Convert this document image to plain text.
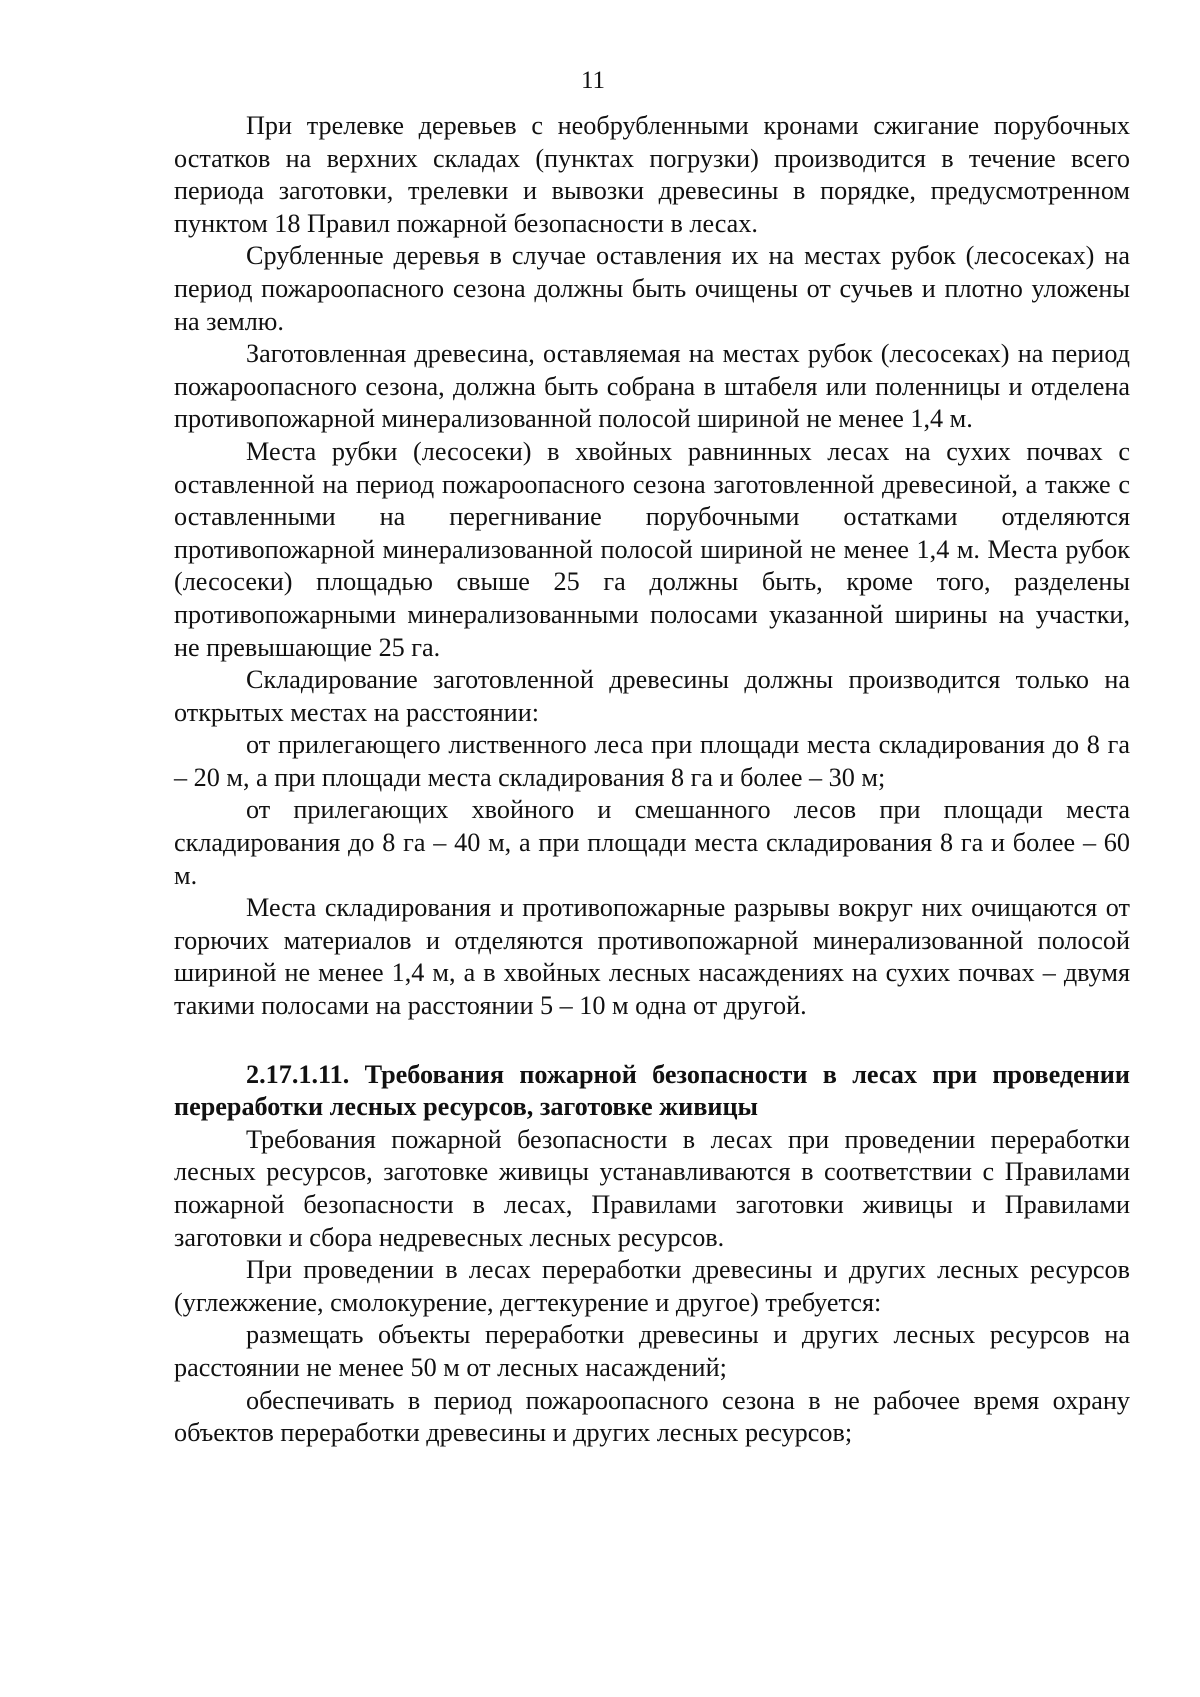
11

При трелевке деревьев с необрубленными кронами сжигание порубочных остатков на верхних складах (пунктах погрузки) производится в течение всего периода заготовки, трелевки и вывозки древесины в порядке, предусмотренном пунктом 18 Правил пожарной безопасности в лесах.

Срубленные деревья в случае оставления их на местах рубок (лесосеках) на период пожароопасного сезона должны быть очищены от сучьев и плотно уложены на землю.

Заготовленная древесина, оставляемая на местах рубок (лесосеках) на период пожароопасного сезона, должна быть собрана в штабеля или поленницы и отделена противопожарной минерализованной полосой шириной не менее 1,4 м.

Места рубки (лесосеки) в хвойных равнинных лесах на сухих почвах с оставленной на период пожароопасного сезона заготовленной древесиной, а также с оставленными на перегнивание порубочными остатками отделяются противопожарной минерализованной полосой шириной не менее 1,4 м. Места рубок (лесосеки) площадью свыше 25 га должны быть, кроме того, разделены противопожарными минерализованными полосами указанной ширины на участки, не превышающие 25 га.

Складирование заготовленной древесины должны производится только на открытых местах на расстоянии:

от прилегающего лиственного леса при площади места складирования до 8 га – 20 м, а при площади места складирования 8 га и более – 30 м;

от прилегающих хвойного и смешанного лесов при площади места складирования до 8 га – 40 м, а при площади места складирования 8 га и более – 60 м.

Места складирования и противопожарные разрывы вокруг них очищаются от горючих материалов и отделяются противопожарной минерализованной полосой шириной не менее 1,4 м, а в хвойных лесных насаждениях на сухих почвах – двумя такими полосами на расстоянии 5 – 10 м одна от другой.

2.17.1.11. Требования пожарной безопасности в лесах при проведении переработки лесных ресурсов, заготовке живицы

Требования пожарной безопасности в лесах при проведении переработки лесных ресурсов, заготовке живицы устанавливаются в соответствии с Правилами пожарной безопасности в лесах, Правилами заготовки живицы и Правилами заготовки и сбора недревесных лесных ресурсов.

При проведении в лесах переработки древесины и других лесных ресурсов (углежжение, смолокурение, дегтекурение и другое) требуется:

размещать объекты переработки древесины и других лесных ресурсов на расстоянии не менее 50 м от лесных насаждений;

обеспечивать в период пожароопасного сезона в не рабочее время охрану объектов переработки древесины и других лесных ресурсов;
